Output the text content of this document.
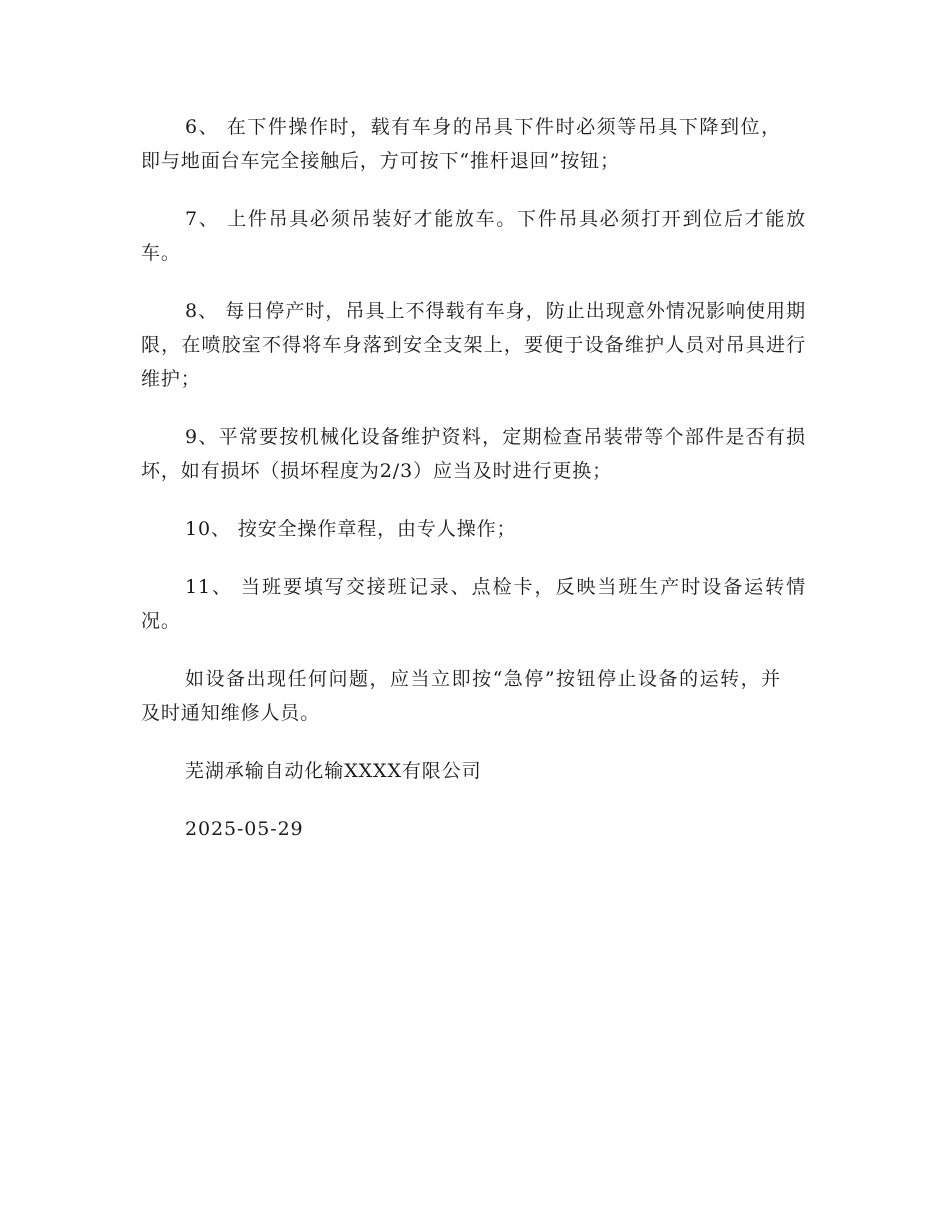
6、 在下件操作时，载有车身的吊具下件时必须等吊具下降到位，即与地面台车完全接触后，方可按下“推杆退回”按钮；

7、 上件吊具必须吊装好才能放车。下件吊具必须打开到位后才能放车。

8、 每日停产时，吊具上不得载有车身，防止出现意外情况影响使用期限，在喷胶室不得将车身落到安全支架上，要便于设备维护人员对吊具进行维护；

9、平常要按机械化设备维护资料，定期检查吊装带等个部件是否有损坏，如有损坏（损坏程度为2/3）应当及时进行更换；

10、 按安全操作章程，由专人操作；

11、 当班要填写交接班记录、点检卡，反映当班生产时设备运转情况。

如设备出现任何问题，应当立即按“急停”按钮停止设备的运转，并及时通知维修人员。

芜湖承输自动化输XXXX有限公司

2025-05-29
